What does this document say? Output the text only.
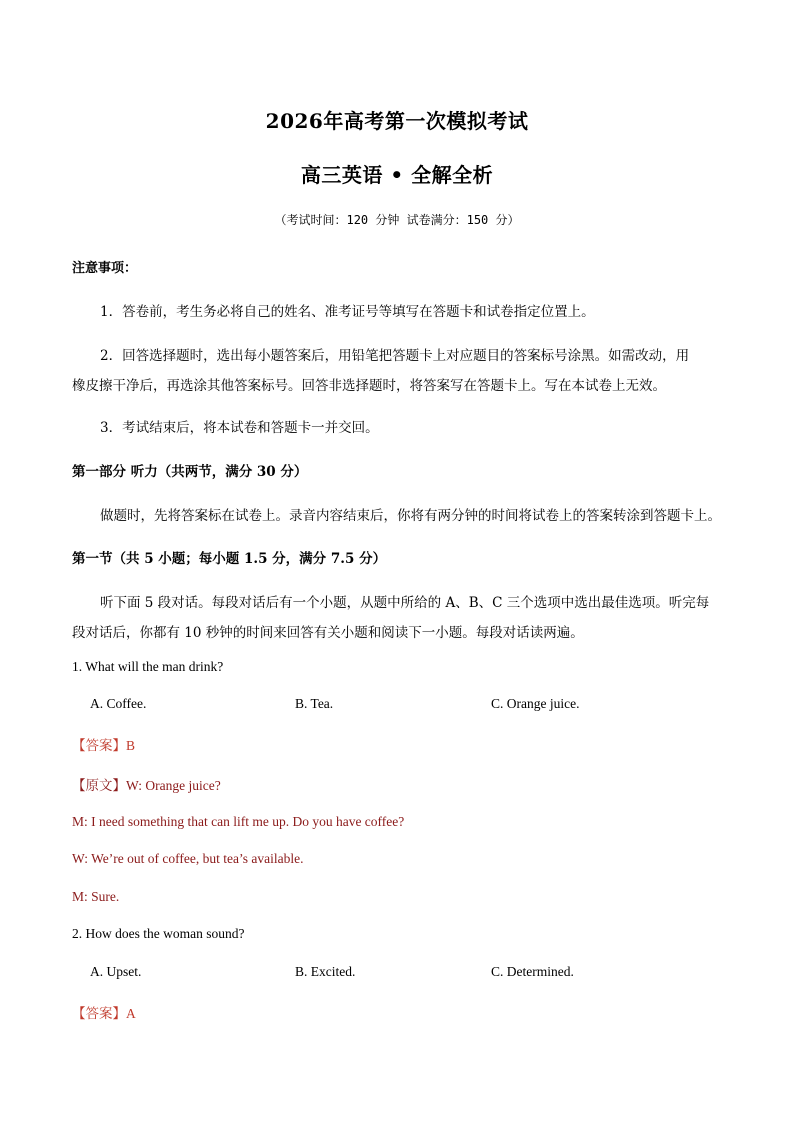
2026年高考第一次模拟考试
高三英语 • 全解全析
（考试时间：120 分钟 试卷满分：150 分）
注意事项：
1．答卷前，考生务必将自己的姓名、准考证号等填写在答题卡和试卷指定位置上。
2．回答选择题时，选出每小题答案后，用铅笔把答题卡上对应题目的答案标号涂黑。如需改动，用
橡皮擦干净后，再选涂其他答案标号。回答非选择题时，将答案写在答题卡上。写在本试卷上无效。
3．考试结束后，将本试卷和答题卡一并交回。
第一部分 听力（共两节，满分 30 分）
做题时，先将答案标在试卷上。录音内容结束后，你将有两分钟的时间将试卷上的答案转涂到答题卡上。
第一节（共 5 小题；每小题 1.5 分，满分 7.5 分）
听下面 5 段对话。每段对话后有一个小题，从题中所给的 A、B、C 三个选项中选出最佳选项。听完每
段对话后，你都有 10 秒钟的时间来回答有关小题和阅读下一小题。每段对话读两遍。
1. What will the man drink?
A. Coffee.	B. Tea.	C. Orange juice.
【答案】B
【原文】W: Orange juice?
M: I need something that can lift me up. Do you have coffee?
W: We’re out of coffee, but tea’s available.
M: Sure.
2. How does the woman sound?
A. Upset.	B. Excited.	C. Determined.
【答案】A
